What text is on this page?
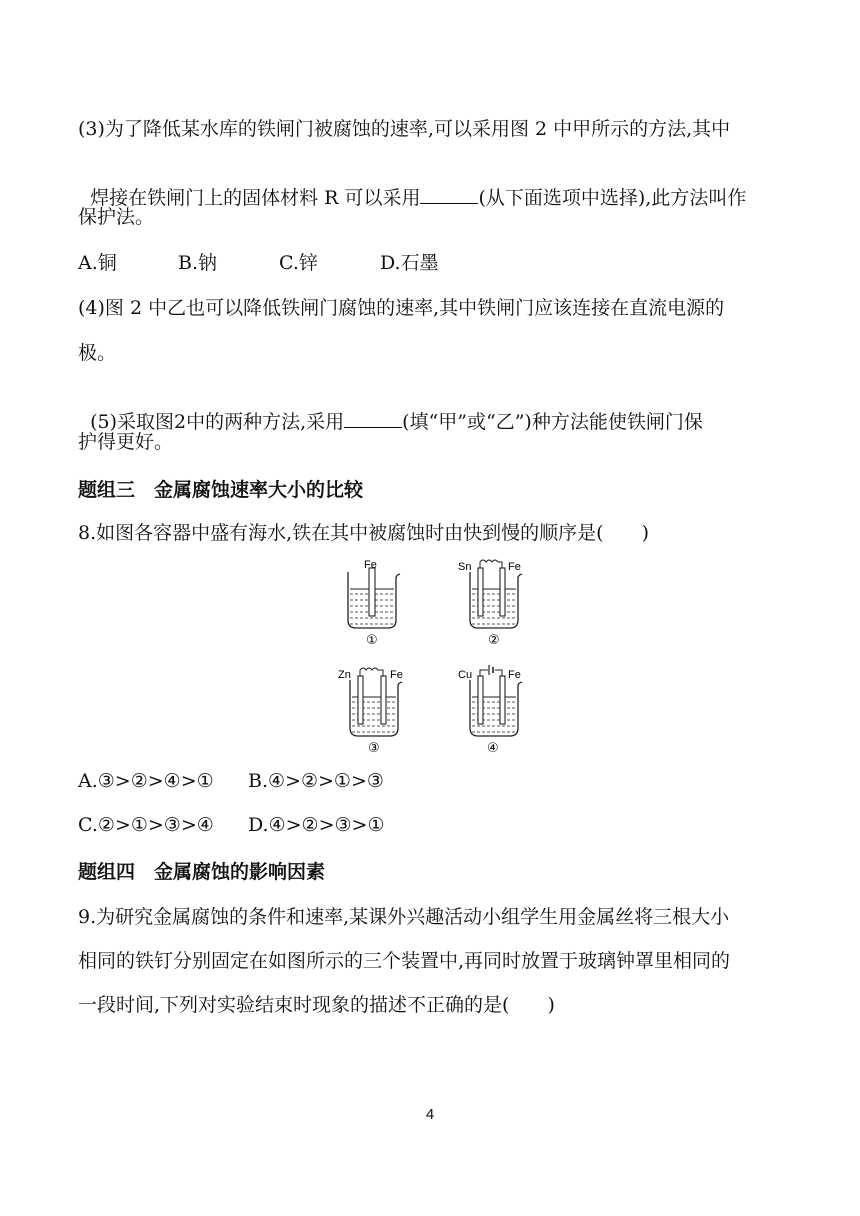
(3)为了降低某水库的铁闸门被腐蚀的速率,可以采用图 2 中甲所示的方法,其中

焊接在铁闸门上的固体材料 R 可以采用	(从下面选项中选择),此方法叫作

保护法。
A.铜	B.钠	C.锌	D.石墨
(4)图 2 中乙也可以降低铁闸门腐蚀的速率,其中铁闸门应该连接在直流电源的
极。

(5)采取图2中的两种方法,采用	(填“甲”或“乙”)种方法能使铁闸门保

护得更好。
题组三　金属腐蚀速率大小的比较
8.如图各容器中盛有海水,铁在其中被腐蚀时由快到慢的顺序是(　　)
Fe
①
Sn	Fe
②
Zn	Fe
③
Cu	Fe
④
A.③>②>④>① B.④>②>①>③
C.②>①>③>④ D.④>②>③>①
题组四　金属腐蚀的影响因素
9.为研究金属腐蚀的条件和速率,某课外兴趣活动小组学生用金属丝将三根大小
相同的铁钉分别固定在如图所示的三个装置中,再同时放置于玻璃钟罩里相同的
一段时间,下列对实验结束时现象的描述不正确的是(　　)
4
